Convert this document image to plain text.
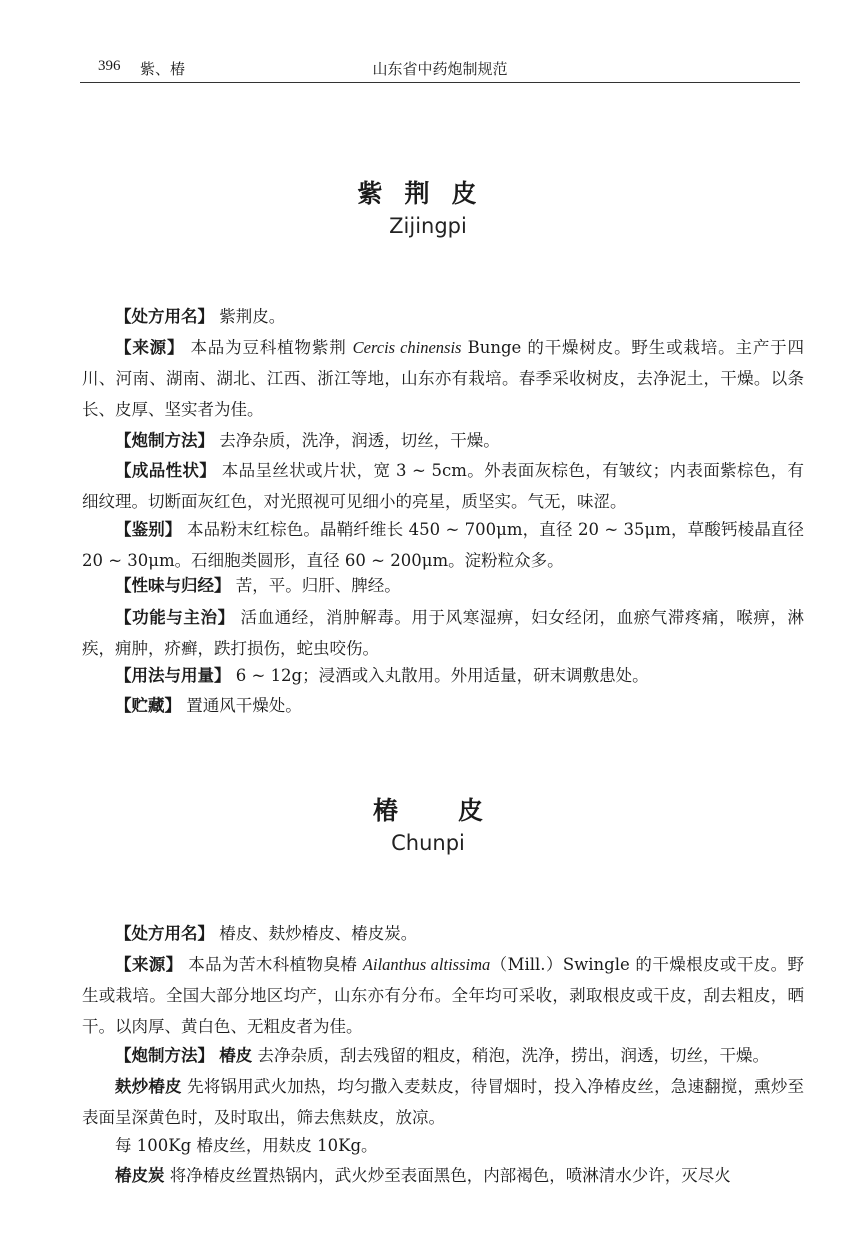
396 紫、椿	山东省中药炮制规范
紫荆皮
Zijingpi
【处方用名】 紫荆皮。
【来源】 本品为豆科植物紫荆 Cercis chinensis Bunge 的干燥树皮。野生或栽培。主产于四川、河南、湖南、湖北、江西、浙江等地，山东亦有栽培。春季采收树皮，去净泥土，干燥。以条长、皮厚、坚实者为佳。
【炮制方法】 去净杂质，洗净，润透，切丝，干燥。
【成品性状】 本品呈丝状或片状，宽 3 ~ 5cm。外表面灰棕色，有皱纹；内表面紫棕色，有细纹理。切断面灰红色，对光照视可见细小的亮星，质坚实。气无，味涩。
【鉴别】 本品粉末红棕色。晶鞘纤维长 450 ~ 700μm，直径 20 ~ 35μm，草酸钙棱晶直径 20 ~ 30μm。石细胞类圆形，直径 60 ~ 200μm。淀粉粒众多。
【性味与归经】 苦，平。归肝、脾经。
【功能与主治】 活血通经，消肿解毒。用于风寒湿痹，妇女经闭，血瘀气滞疼痛，喉痹，淋疾，痈肿，疥癣，跌打损伤，蛇虫咬伤。
【用法与用量】 6 ~ 12g；浸酒或入丸散用。外用适量，研末调敷患处。
【贮藏】 置通风干燥处。
椿皮
Chunpi
【处方用名】 椿皮、麸炒椿皮、椿皮炭。
【来源】 本品为苦木科植物臭椿 Ailanthus altissima（Mill.）Swingle 的干燥根皮或干皮。野生或栽培。全国大部分地区均产，山东亦有分布。全年均可采收，剥取根皮或干皮，刮去粗皮，晒干。以肉厚、黄白色、无粗皮者为佳。
【炮制方法】 椿皮 去净杂质，刮去残留的粗皮，稍泡，洗净，捞出，润透，切丝，干燥。
麸炒椿皮 先将锅用武火加热，均匀撒入麦麸皮，待冒烟时，投入净椿皮丝，急速翻搅，熏炒至表面呈深黄色时，及时取出，筛去焦麸皮，放凉。
每 100Kg 椿皮丝，用麸皮 10Kg。
椿皮炭 将净椿皮丝置热锅内，武火炒至表面黑色，内部褐色，喷淋清水少许，灭尽火
